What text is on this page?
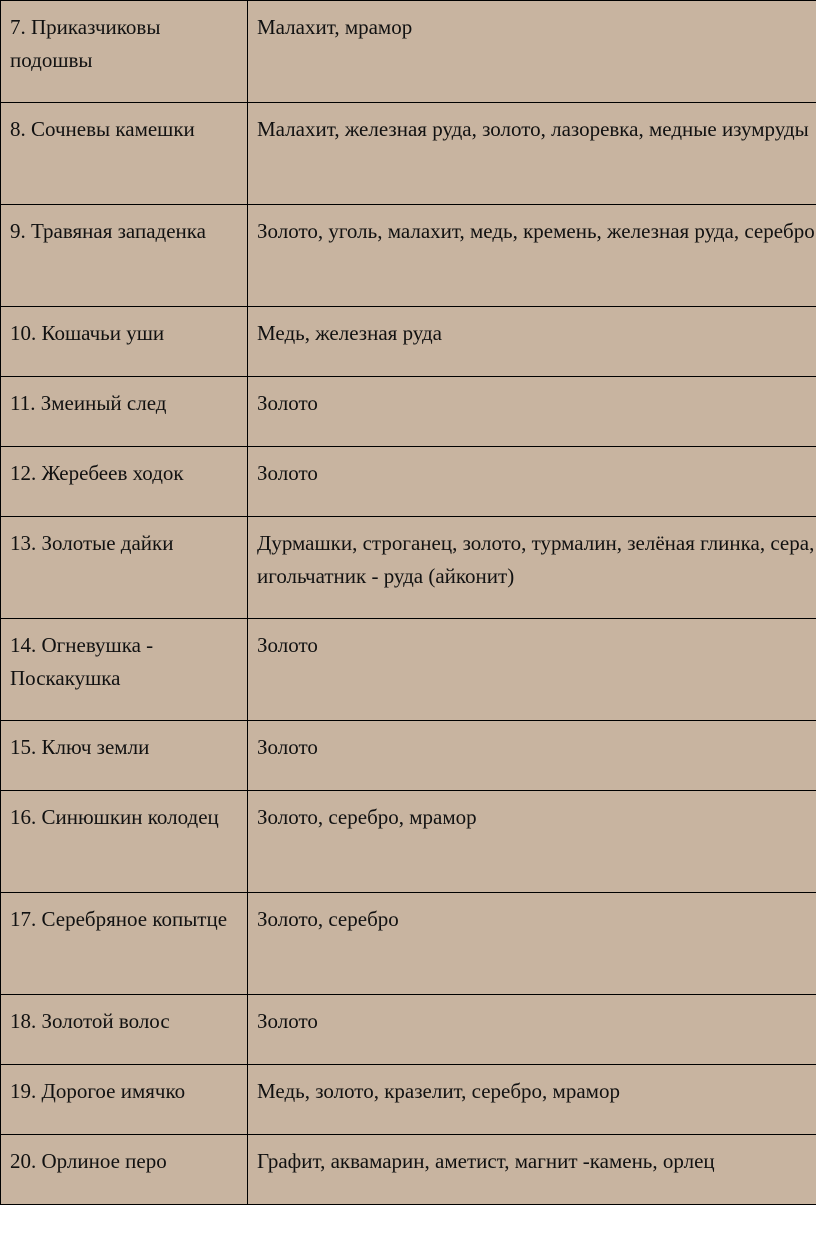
7. Приказчиковы подошвы	Малахит, мрамор
8. Сочневы камешки	Малахит, железная руда, золото, лазоревка, медные изумруды
9. Травяная западенка	Золото, уголь, малахит, медь, кремень, железная руда, серебро
10. Кошачьи уши	Медь, железная руда
11. Змеиный след	Золото
12. Жеребеев ходок	Золото
13. Золотые дайки	Дурмашки, строганец, золото, турмалин, зелёная глинка, сера, игольчатник - руда (айконит)
14. Огневушка - Поскакушка	Золото
15. Ключ земли	Золото
16. Синюшкин колодец	Золото, серебро, мрамор
17. Серебряное копытце	Золото, серебро
18. Золотой волос	Золото
19. Дорогое имячко	Медь, золото, кразелит, серебро, мрамор
20. Орлиное перо	Графит, аквамарин, аметист, магнит -камень, орлец
